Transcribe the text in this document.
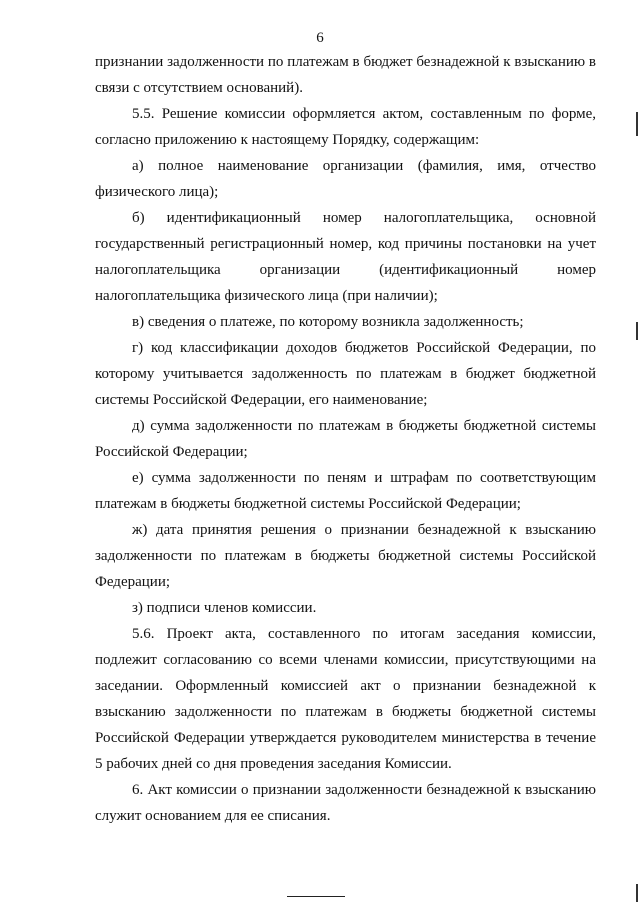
6

признании задолженности по платежам в бюджет безнадежной к взысканию в связи с отсутствием оснований).

5.5. Решение комиссии оформляется актом, составленным по форме, согласно приложению к настоящему Порядку, содержащим:

а) полное наименование организации (фамилия, имя, отчество физического лица);

б) идентификационный номер налогоплательщика, основной государственный регистрационный номер, код причины постановки на учет налогоплательщика организации (идентификационный номер налогоплательщика физического лица (при наличии);

в) сведения о платеже, по которому возникла задолженность;

г) код классификации доходов бюджетов Российской Федерации, по которому учитывается задолженность по платежам в бюджет бюджетной системы Российской Федерации, его наименование;

д) сумма задолженности по платежам в бюджеты бюджетной системы Российской Федерации;

е) сумма задолженности по пеням и штрафам по соответствующим платежам в бюджеты бюджетной системы Российской Федерации;

ж) дата принятия решения о признании безнадежной к взысканию задолженности по платежам в бюджеты бюджетной системы Российской Федерации;

з) подписи членов комиссии.

5.6. Проект акта, составленного по итогам заседания комиссии, подлежит согласованию со всеми членами комиссии, присутствующими на заседании. Оформленный комиссией акт о признании безнадежной к взысканию задолженности по платежам в бюджеты бюджетной системы Российской Федерации утверждается руководителем министерства в течение 5 рабочих дней со дня проведения заседания Комиссии.

6. Акт комиссии о признании задолженности безнадежной к взысканию служит основанием для ее списания.
